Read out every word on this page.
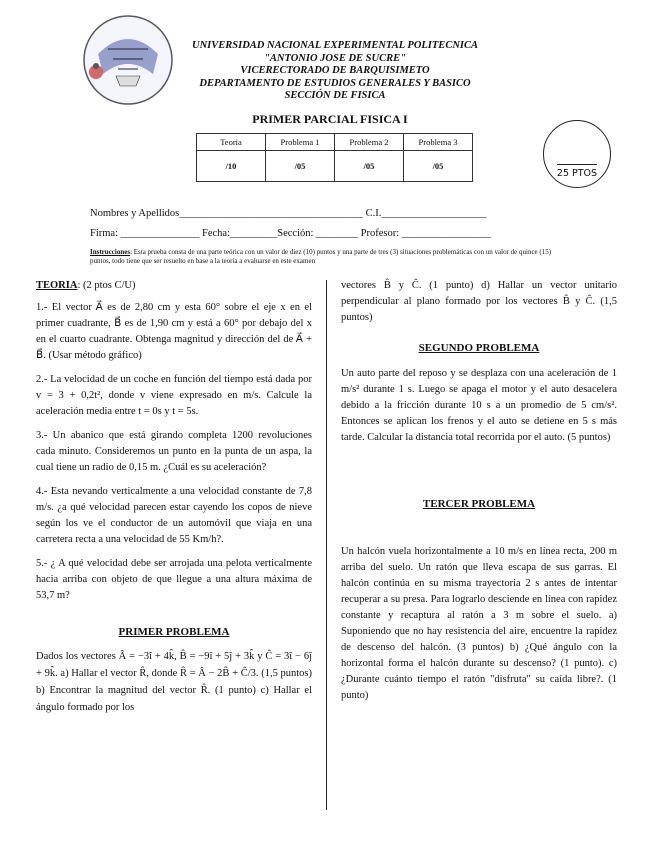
UNIVERSIDAD NACIONAL EXPERIMENTAL POLITECNICA
"ANTONIO JOSE DE SUCRE"
VICERECTORADO DE BARQUISIMETO
DEPARTAMENTO DE ESTUDIOS GENERALES Y BASICO
SECCIÓN DE FISICA
PRIMER PARCIAL FISICA I
Teoria	Problema 1	Problema 2	Problema 3
/10	/05	/05	/05
25 PTOS
Nombres y Apellidos___________________________________ C.I.____________________
Firma: _______________ Fecha:_________Sección: ________ Profesor: _________________
Instrucciones: Esta prueba consta de una parte teórica con un valor de diez (10) puntos y una parte de tres (3) situaciones problemáticas con un valor de quince (15) puntos, todo tiene que ser resuelto en base a la teoría a evaluarse en este examen

TEORIA: (2 ptos C/U)

1.- El vector A⃗ es de 2,80 cm y esta 60° sobre el eje x en el primer cuadrante, B⃗ es de 1,90 cm y está a 60° por debajo del x en el cuarto cuadrante. Obtenga magnitud y dirección del de A⃗ + B⃗. (Usar método gráfico)

2.- La velocidad de un coche en función del tiempo está dada por v = 3 + 0,2t², donde v viene expresado en m/s. Calcule la aceleración media entre t = 0s y t = 5s.

3.- Un abanico que está girando completa 1200 revoluciones cada minuto. Consideremos un punto en la punta de un aspa, la cual tiene un radio de 0,15 m. ¿Cuál es su aceleración?

4.- Esta nevando verticalmente a una velocidad constante de 7,8 m/s. ¿a qué velocidad parecen estar cayendo los copos de nieve según los ve el conductor de un automóvil que viaja en una carretera recta a una velocidad de 55 Km/h?.

5.- ¿ A qué velocidad debe ser arrojada una pelota verticalmente hacia arriba con objeto de que llegue a una altura máxima de 53,7 m?

PRIMER PROBLEMA

Dados los vectores Â = −3î + 4k̂, B̂ = −9î + 5ĵ + 3k̂ y Ĉ = 3î − 6ĵ + 9k̂. a) Hallar el vector R̂, donde R̂ = Â − 2B̂ + Ĉ/3. (1,5 puntos) b) Encontrar la magnitud del vector R̂. (1 punto) c) Hallar el ángulo formado por los

vectores B̂ y Ĉ. (1 punto) d) Hallar un vector unitario perpendicular al plano formado por los vectores B̂ y Ĉ. (1,5 puntos)

SEGUNDO PROBLEMA

Un auto parte del reposo y se desplaza con una aceleración de 1 m/s² durante 1 s. Luego se apaga el motor y el auto desacelera debido a la fricción durante 10 s a un promedio de 5 cm/s². Entonces se aplican los frenos y el auto se detiene en 5 s más tarde. Calcular la distancia total recorrida por el auto. (5 puntos)

TERCER PROBLEMA

Un halcón vuela horizontalmente a 10 m/s en línea recta, 200 m arriba del suelo. Un ratón que lleva escapa de sus garras. El halcón continúa en su misma trayectoria 2 s antes de intentar recuperar a su presa. Para lograrlo desciende en línea con rapidez constante y recaptura al ratón a 3 m sobre el suelo. a) Suponiendo que no hay resistencia del aire, encuentre la rapidez de descenso del halcón. (3 puntos) b) ¿Qué ángulo con la horizontal forma el halcón durante su descenso? (1 punto). c) ¿Durante cuánto tiempo el ratón "disfruta" su caída libre?. (1 punto)
